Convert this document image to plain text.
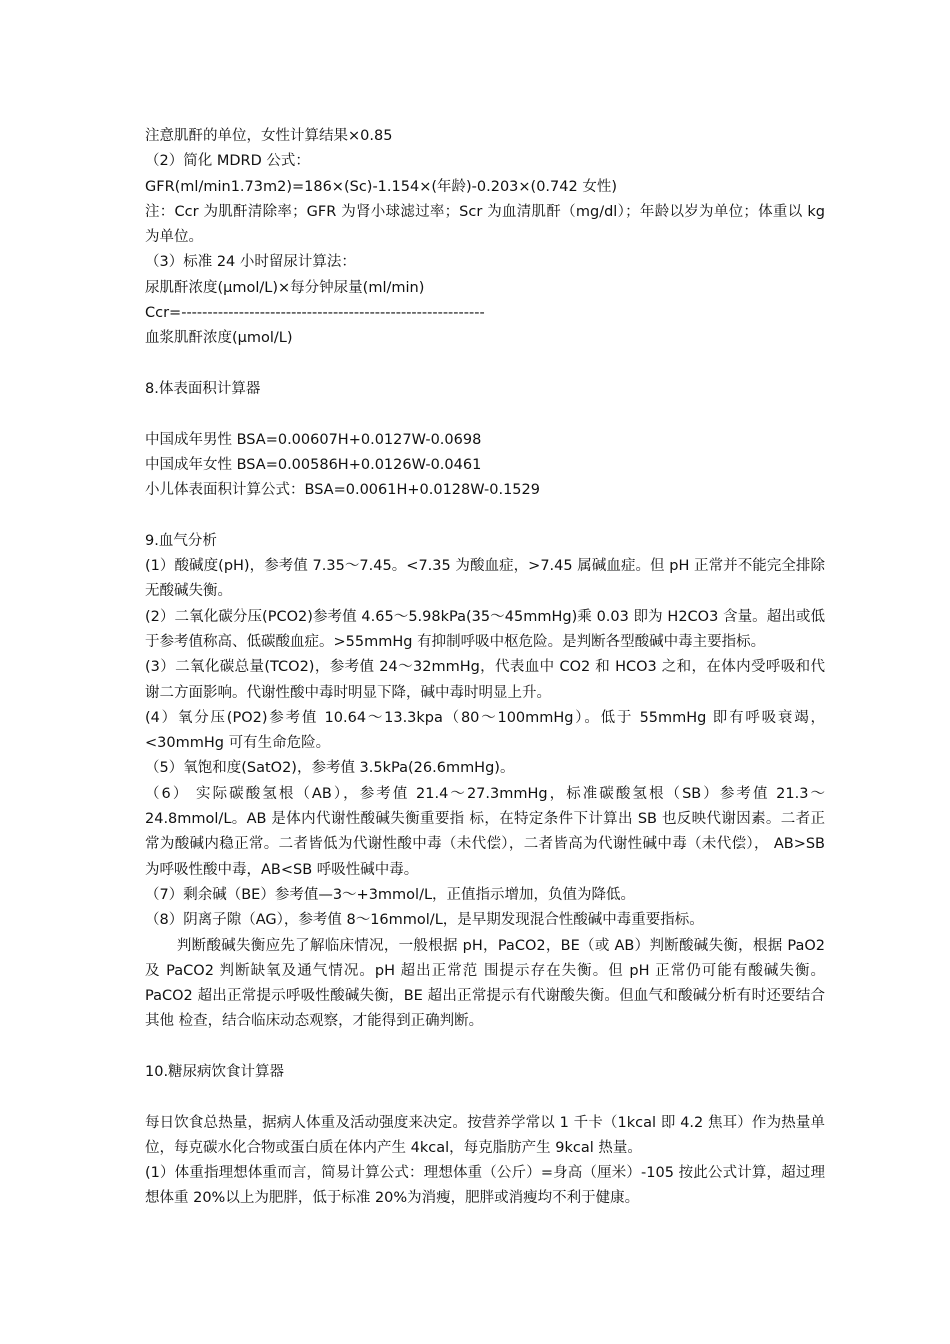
注意肌酐的单位，女性计算结果×0.85

（2）简化 MDRD 公式：

GFR(ml/min1.73m2)=186×(Sc)-1.154×(年龄)-0.203×(0.742 女性)

注：Ccr 为肌酐清除率；GFR 为肾小球滤过率；Scr 为血清肌酐（mg/dl）；年龄以岁为单位；体重以 kg 为单位。

（3）标准 24 小时留尿计算法：

尿肌酐浓度(μmol/L)×每分钟尿量(ml/min)

Ccr=----------------------------------------------------------

血浆肌酐浓度(μmol/L)

8.体表面积计算器

中国成年男性 BSA=0.00607H+0.0127W-0.0698

中国成年女性 BSA=0.00586H+0.0126W-0.0461

小儿体表面积计算公式：BSA=0.0061H+0.0128W-0.1529

9.血气分析

(1）酸碱度(pH)，参考值 7.35～7.45。<7.35 为酸血症，>7.45 属碱血症。但 pH 正常并不能完全排除无酸碱失衡。

(2）二氧化碳分压(PCO2)参考值 4.65～5.98kPa(35～45mmHg)乘 0.03 即为 H2CO3 含量。超出或低于参考值称高、低碳酸血症。>55mmHg 有抑制呼吸中枢危险。是判断各型酸碱中毒主要指标。

(3）二氧化碳总量(TCO2)，参考值 24～32mmHg，代表血中 CO2 和 HCO3 之和，在体内受呼吸和代谢二方面影响。代谢性酸中毒时明显下降，碱中毒时明显上升。

(4）氧分压(PO2)参考值 10.64～13.3kpa（80～100mmHg）。低于 55mmHg 即有呼吸衰竭，<30mmHg 可有生命危险。

（5）氧饱和度(SatO2)，参考值 3.5kPa(26.6mmHg)。

（6） 实际碳酸氢根（AB），参考值 21.4～27.3mmHg，标准碳酸氢根（SB）参考值 21.3～24.8mmol/L。AB 是体内代谢性酸碱失衡重要指 标，在特定条件下计算出 SB 也反映代谢因素。二者正常为酸碱内稳正常。二者皆低为代谢性酸中毒（未代偿），二者皆高为代谢性碱中毒（未代偿）， AB>SB 为呼吸性酸中毒，AB<SB 呼吸性碱中毒。

（7）剩余碱（BE）参考值—3～+3mmol/L，正值指示增加，负值为降低。

（8）阴离子隙（AG），参考值 8～16mmol/L，是早期发现混合性酸碱中毒重要指标。

判断酸碱失衡应先了解临床情况，一般根据 pH，PaCO2，BE（或 AB）判断酸碱失衡，根据 PaO2 及 PaCO2 判断缺氧及通气情况。pH 超出正常范 围提示存在失衡。但 pH 正常仍可能有酸碱失衡。PaCO2 超出正常提示呼吸性酸碱失衡，BE 超出正常提示有代谢酸失衡。但血气和酸碱分析有时还要结合其他 检查，结合临床动态观察，才能得到正确判断。

10.糖尿病饮食计算器

每日饮食总热量，据病人体重及活动强度来决定。按营养学常以 1 千卡（1kcal 即 4.2 焦耳）作为热量单位，每克碳水化合物或蛋白质在体内产生 4kcal，每克脂肪产生 9kcal 热量。

(1）体重指理想体重而言，简易计算公式：理想体重（公斤）=身高（厘米）-105 按此公式计算，超过理想体重 20%以上为肥胖，低于标准 20%为消瘦，肥胖或消瘦均不利于健康。
